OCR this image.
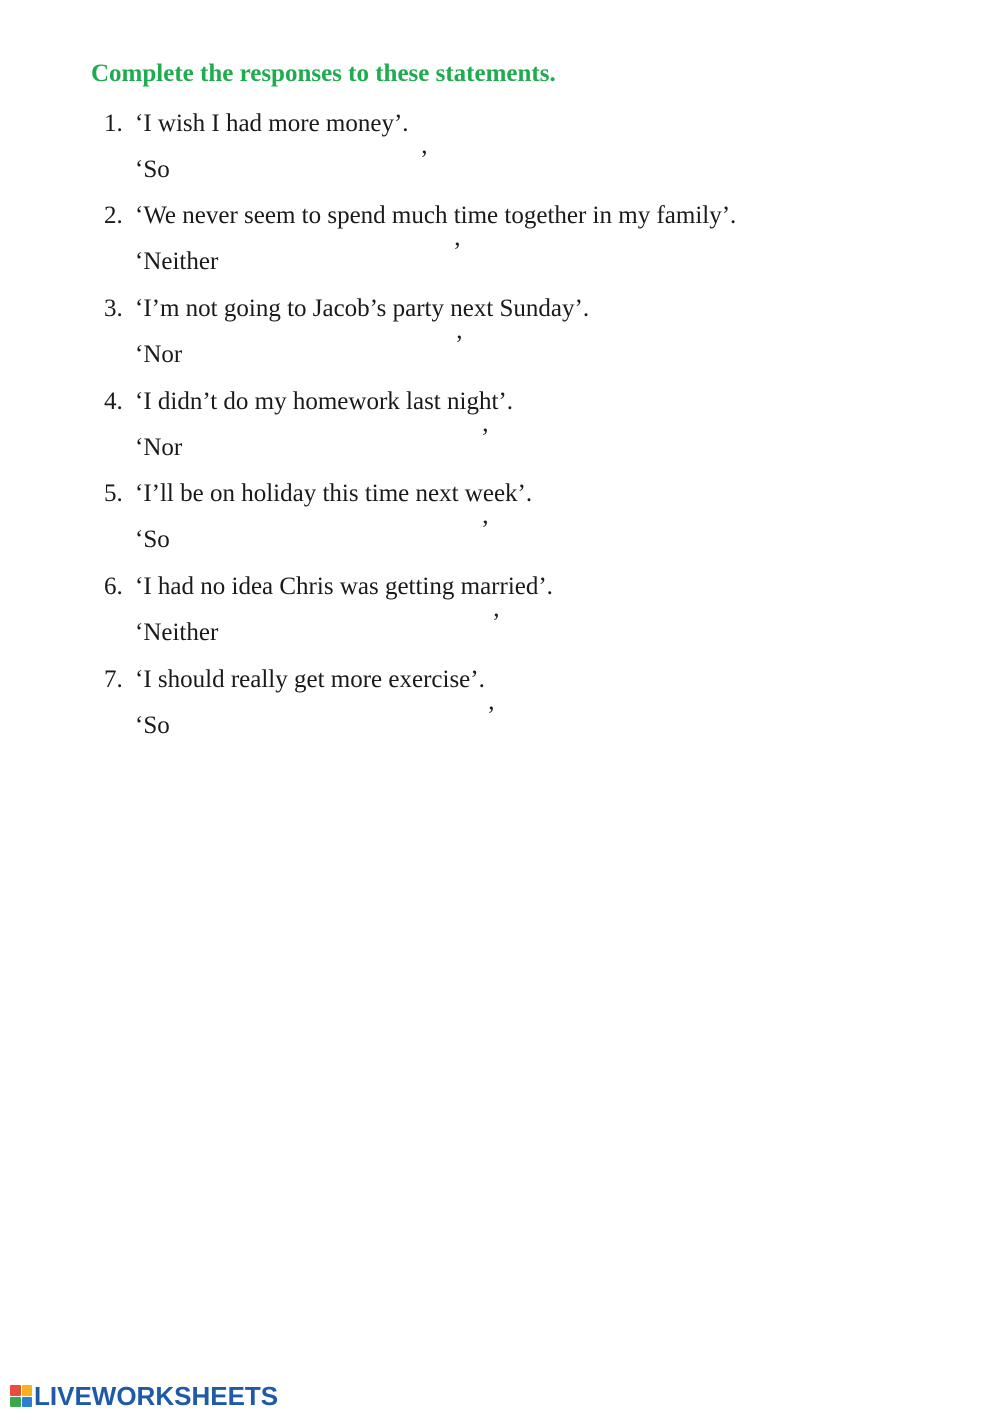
Complete the responses to these statements.
1. ‘I wish I had more money’.
‘So	’
2. ‘We never seem to spend much time together in my family’.
‘Neither	’
3. ‘I’m not going to Jacob’s party next Sunday’.
‘Nor	’
4. ‘I didn’t do my homework last night’.
‘Nor	’
5. ‘I’ll be on holiday this time next week’.
‘So	’
6. ‘I had no idea Chris was getting married’.
‘Neither	’
7. ‘I should really get more exercise’.
‘So	’
LIVEWORKSHEETS
